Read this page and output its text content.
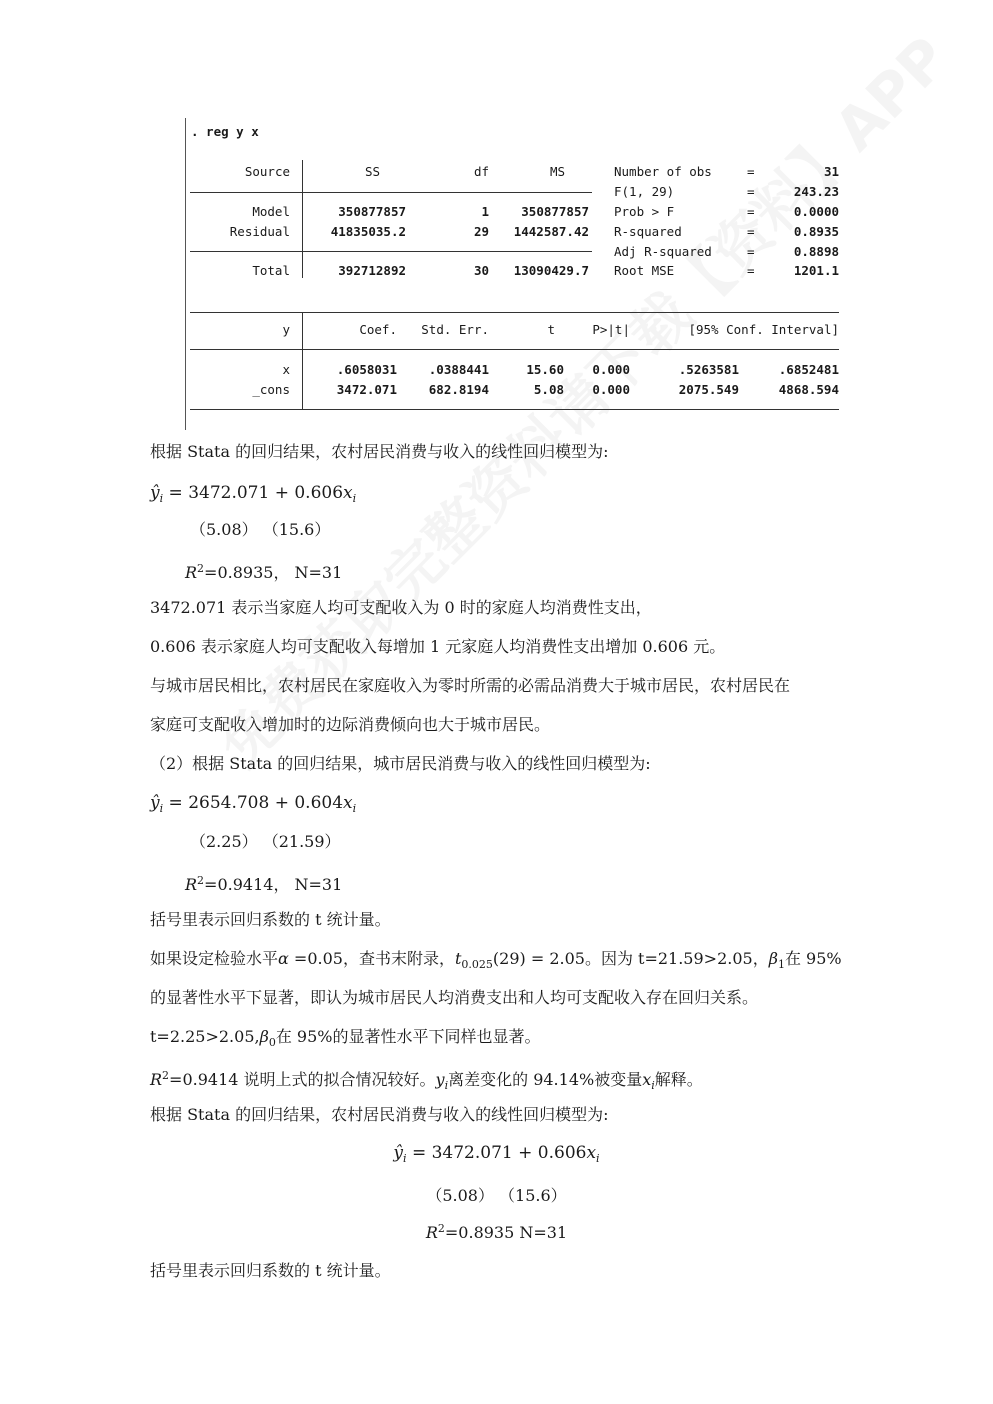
. reg y x
Source	SS	df	MS
Model	350877857	1	350877857
Residual	41835035.2	29	1442587.42
Total	392712892	30	13090429.7
Number of obs	=	31
F(1, 29)	=	243.23
Prob > F	=	0.0000
R-squared	=	0.8935
Adj R-squared	=	0.8898
Root MSE	=	1201.1
y	Coef.	Std. Err.	t	P>|t|	[95% Conf. Interval]
x	.6058031	.0388441	15.60	0.000	.5263581	.6852481
_cons	3472.071	682.8194	5.08	0.000	2075.549	4868.594
根据 Stata 的回归结果，农村居民消费与收入的线性回归模型为:
$ŷ_i = 3472.071 + 0.606x_i$
（5.08） （15.6）
$R^2=0.8935$， N=31
3472.071 表示当家庭人均可支配收入为 0 时的家庭人均消费性支出，
0.606 表示家庭人均可支配收入每增加 1 元家庭人均消费性支出增加 0.606 元。
与城市居民相比，农村居民在家庭收入为零时所需的必需品消费大于城市居民，农村居民在
家庭可支配收入增加时的边际消费倾向也大于城市居民。
（2）根据 Stata 的回归结果，城市居民消费与收入的线性回归模型为:
$ŷ_i = 2654.708 + 0.604x_i$
（2.25） （21.59）
$R^2=0.9414$， N=31
括号里表示回归系数的 t 统计量。
如果设定检验水平α =0.05，查书末附录，$t_{0.025}(29) = 2.05$。因为 t=21.59>2.05，$\beta_1$在 95%
的显著性水平下显著，即认为城市居民人均消费支出和人均可支配收入存在回归关系。
$t=2.25>2.05,\beta_0$在 95%的显著性水平下同样也显著。
$R^2=0.9414$ 说明上式的拟合情况较好。$y_i$离差变化的 94.14%被变量$x_i$解释。
根据 Stata 的回归结果，农村居民消费与收入的线性回归模型为:
$ŷ_i = 3472.071 + 0.606x_i$
（5.08） （15.6）
$R^2=0.8935$ N=31
括号里表示回归系数的 t 统计量。
